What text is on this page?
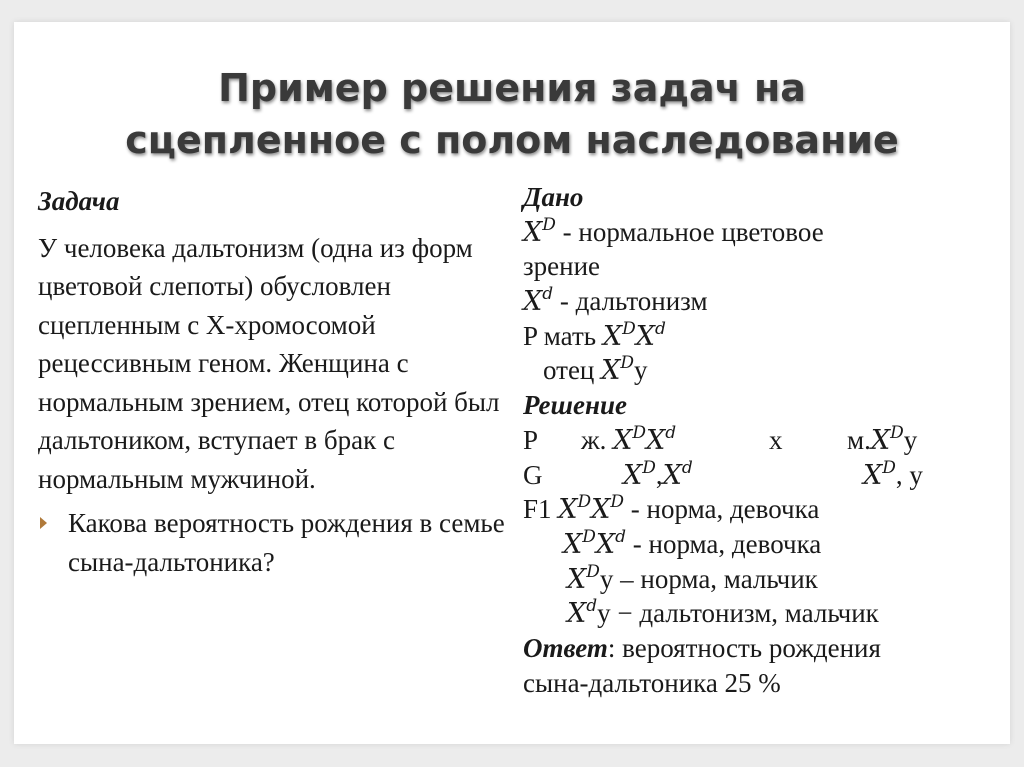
Пример решения задач на
сцепленное с полом наследование
Задача
У человека дальтонизм (одна из форм цветовой слепоты) обусловлен сцепленным с Х-хромосомой рецессивным геном. Женщина с нормальным зрением, отец которой был дальтоником, вступает в брак с нормальным мужчиной.
Какова вероятность рождения в семье сына-дальтоника?
Дано
$X^D$ - нормальное цветовое
зрение
$X^d$ - дальтонизм
P мать $X^DX^d$
отец $X^Dу$
Решение
P ж. $X^DX^d$	х $м.X^Dу$
G	$X^D,X^d$	$X^D$, у
F1 $X^DX^D$ - норма, девочка
$X^DX^d$ - норма, девочка
$X^Dу$ – норма, мальчик
$X^dу$ − дальтонизм, мальчик
Ответ: вероятность рождения
сына-дальтоника 25 %
